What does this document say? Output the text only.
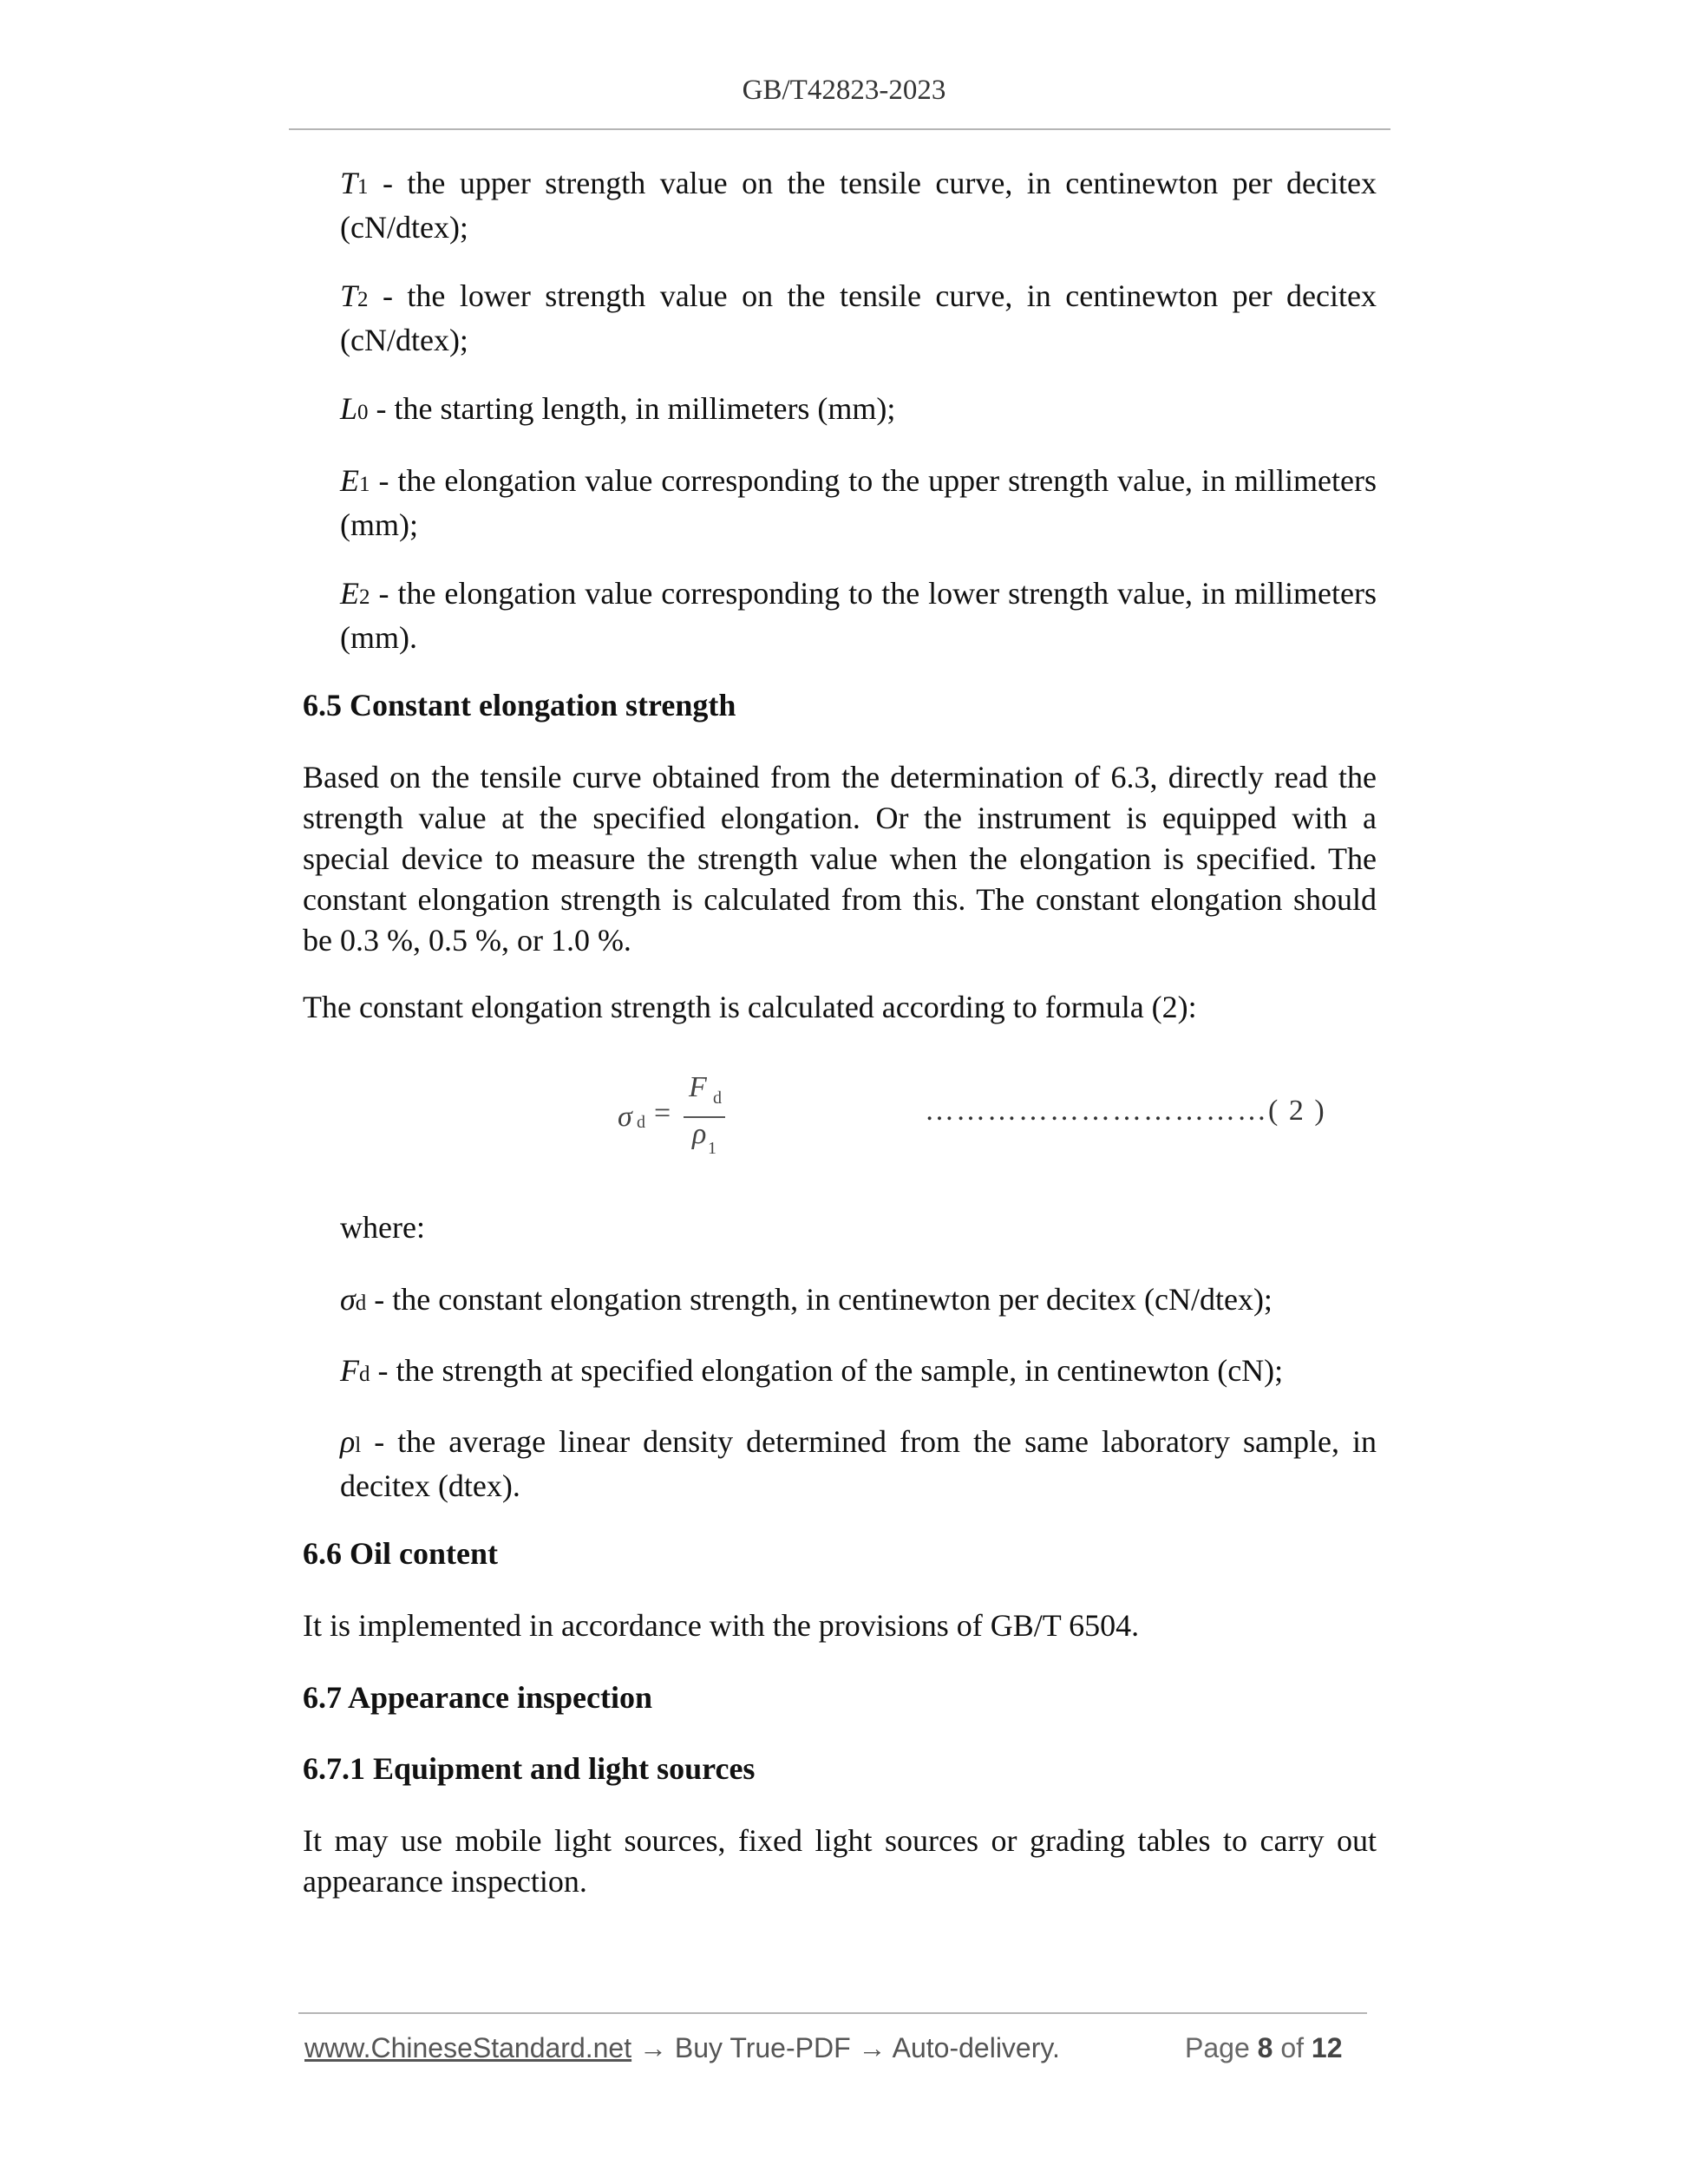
GB/T42823-2023
T1 - the upper strength value on the tensile curve, in centinewton per decitex (cN/dtex);
T2 - the lower strength value on the tensile curve, in centinewton per decitex (cN/dtex);
L0 - the starting length, in millimeters (mm);
E1 - the elongation value corresponding to the upper strength value, in millimeters (mm);
E2 - the elongation value corresponding to the lower strength value, in millimeters (mm).
6.5 Constant elongation strength
Based on the tensile curve obtained from the determination of 6.3, directly read the strength value at the specified elongation. Or the instrument is equipped with a special device to measure the strength value when the elongation is specified. The constant elongation strength is calculated from this. The constant elongation should be 0.3 %, 0.5 %, or 1.0 %.
The constant elongation strength is calculated according to formula (2):
σ d =
F d
ρ 1
……………………………( 2 )
where:
σd - the constant elongation strength, in centinewton per decitex (cN/dtex);
Fd - the strength at specified elongation of the sample, in centinewton (cN);
ρl - the average linear density determined from the same laboratory sample, in decitex (dtex).
6.6 Oil content
It is implemented in accordance with the provisions of GB/T 6504.
6.7 Appearance inspection
6.7.1 Equipment and light sources
It may use mobile light sources, fixed light sources or grading tables to carry out appearance inspection.
www.ChineseStandard.net → Buy True-PDF → Auto-delivery.	Page 8 of 12
